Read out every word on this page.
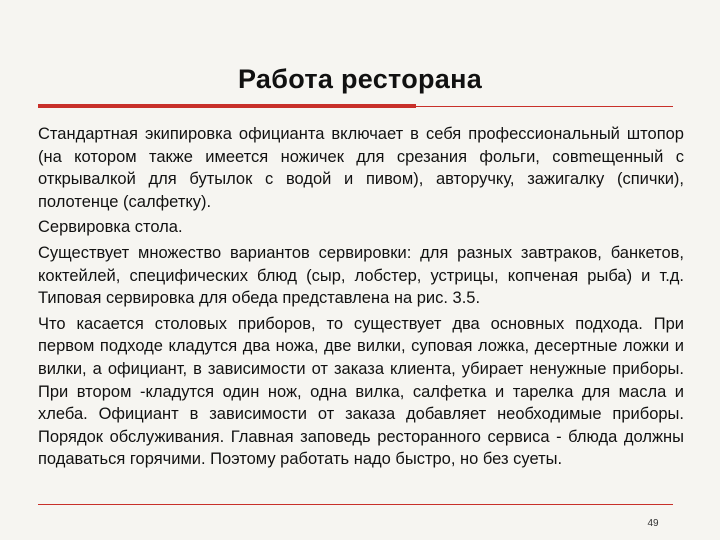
Работа ресторана

Стандартная экипировка официанта включает в себя профессиональный штопор (на котором также имеется ножичек для срезания фольги, совmещенный с открывалкой для бутылок с водой и пивом), авторучку, зажигалку (спички), полотенце (салфетку).

Сервировка стола.

Существует множество вариантов сервировки: для разных завтраков, банкетов, коктейлей, специфических блюд (сыр, лобстер, устрицы, копченая рыба) и т.д. Типовая сервировка для обеда представлена на рис. 3.5.

Что касается столовых приборов, то существует два основных подхода. При первом подходе кладутся два ножа, две вилки, суповая ложка, десертные ложки и вилки, а официант, в зависимости от заказа клиента, убирает ненужные приборы. При втором -кладутся один нож, одна вилка, салфетка и тарелка для масла и хлеба. Официант в зависимости от заказа добавляет необходимые приборы. Порядок обслуживания. Главная заповедь ресторанного сервиса - блюда должны подаваться горячими. Поэтому работать надо быстро, но без суеты.

49
